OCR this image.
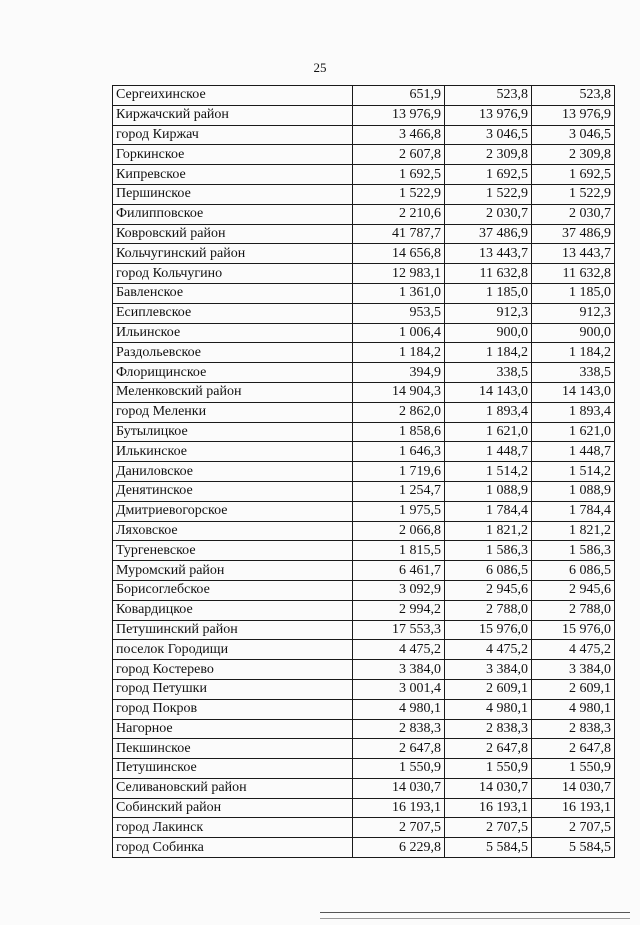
25
Сергеихинское	651,9	523,8	523,8
Киржачский район	13 976,9	13 976,9	13 976,9
город Киржач	3 466,8	3 046,5	3 046,5
Горкинское	2 607,8	2 309,8	2 309,8
Кипревское	1 692,5	1 692,5	1 692,5
Першинское	1 522,9	1 522,9	1 522,9
Филипповское	2 210,6	2 030,7	2 030,7
Ковровский район	41 787,7	37 486,9	37 486,9
Кольчугинский район	14 656,8	13 443,7	13 443,7
город Кольчугино	12 983,1	11 632,8	11 632,8
Бавленское	1 361,0	1 185,0	1 185,0
Есиплевское	953,5	912,3	912,3
Ильинское	1 006,4	900,0	900,0
Раздольевское	1 184,2	1 184,2	1 184,2
Флорищинское	394,9	338,5	338,5
Меленковский район	14 904,3	14 143,0	14 143,0
город Меленки	2 862,0	1 893,4	1 893,4
Бутылицкое	1 858,6	1 621,0	1 621,0
Илькинское	1 646,3	1 448,7	1 448,7
Даниловское	1 719,6	1 514,2	1 514,2
Денятинское	1 254,7	1 088,9	1 088,9
Дмитриевогорское	1 975,5	1 784,4	1 784,4
Ляховское	2 066,8	1 821,2	1 821,2
Тургеневское	1 815,5	1 586,3	1 586,3
Муромский район	6 461,7	6 086,5	6 086,5
Борисоглебское	3 092,9	2 945,6	2 945,6
Ковардицкое	2 994,2	2 788,0	2 788,0
Петушинский район	17 553,3	15 976,0	15 976,0
поселок Городищи	4 475,2	4 475,2	4 475,2
город Костерево	3 384,0	3 384,0	3 384,0
город Петушки	3 001,4	2 609,1	2 609,1
город Покров	4 980,1	4 980,1	4 980,1
Нагорное	2 838,3	2 838,3	2 838,3
Пекшинское	2 647,8	2 647,8	2 647,8
Петушинское	1 550,9	1 550,9	1 550,9
Селивановский район	14 030,7	14 030,7	14 030,7
Собинский район	16 193,1	16 193,1	16 193,1
город Лакинск	2 707,5	2 707,5	2 707,5
город Собинка	6 229,8	5 584,5	5 584,5
